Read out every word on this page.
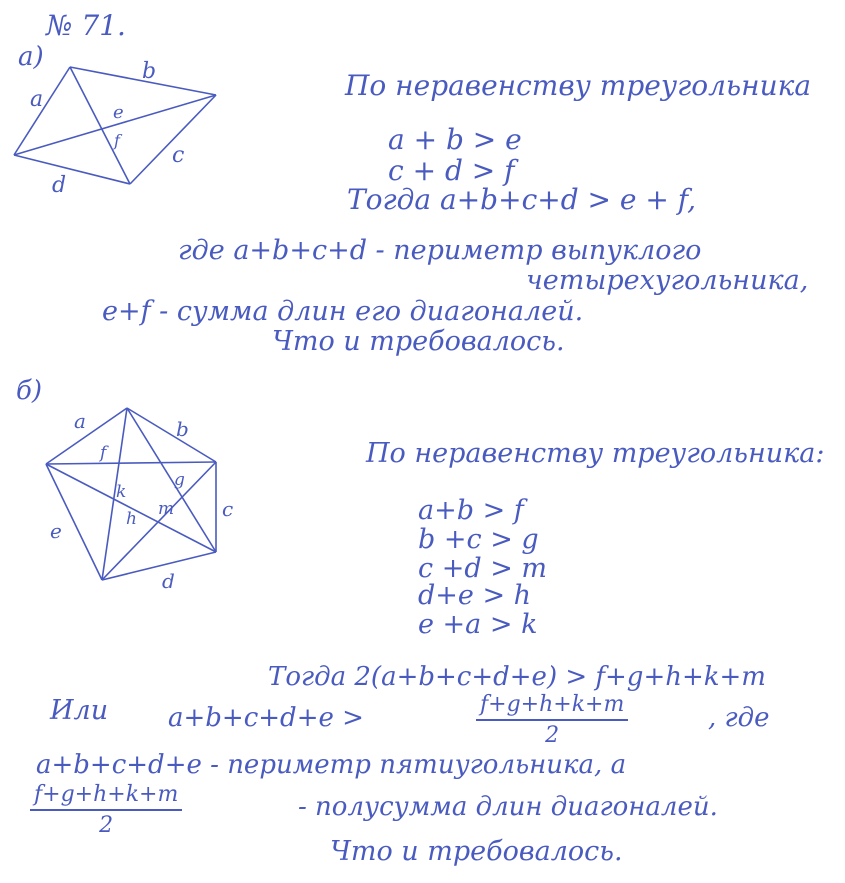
№ 71.
а)
a
b
c
d
e
f
По неравенству треугольника
a + b > e
c + d > f
Тогда a+b+c+d > e + f,
где a+b+c+d - периметр выпуклого
четырехугольника,
e+f - сумма длин его диагоналей.
Что и требовалось.
б)
a	b
c
d
e
f
g
k
h m
По неравенству треугольника:
a+b > f
b +c > g
c +d > m
d+e > h
e +a > k
Тогда 2(a+b+c+d+e) > f+g+h+k+m
Или a+b+c+d+e >	$\frac{f+g+h+k+m}{2}$	, где
a+b+c+d+e - периметр пятиугольника, а
$\frac{f+g+h+k+m}{2}$	- полусумма длин диагоналей.
Что и требовалось.
